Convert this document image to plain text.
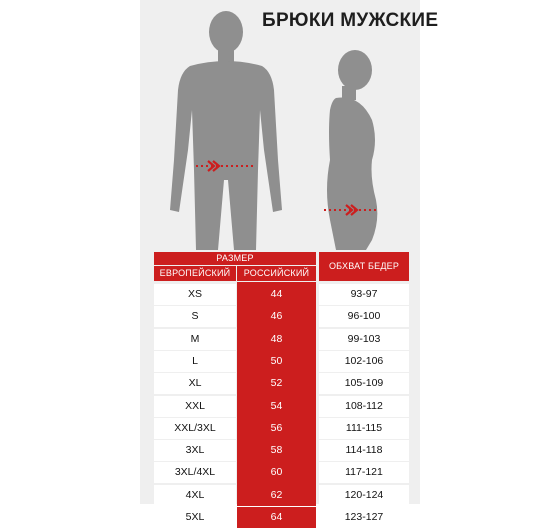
БРЮКИ МУЖСКИЕ
РАЗМЕР
ЕВРОПЕЙСКИЙ	РОССИЙСКИЙ
ОБХВАТ БЕДЕР
XS	44	93-97
S	46	96-100
M	48	99-103
L	50	102-106
XL	52	105-109
XXL	54	108-112
XXL/3XL	56	111-115
3XL	58	114-118
3XL/4XL	60	117-121
4XL	62	120-124
5XL	64	123-127
